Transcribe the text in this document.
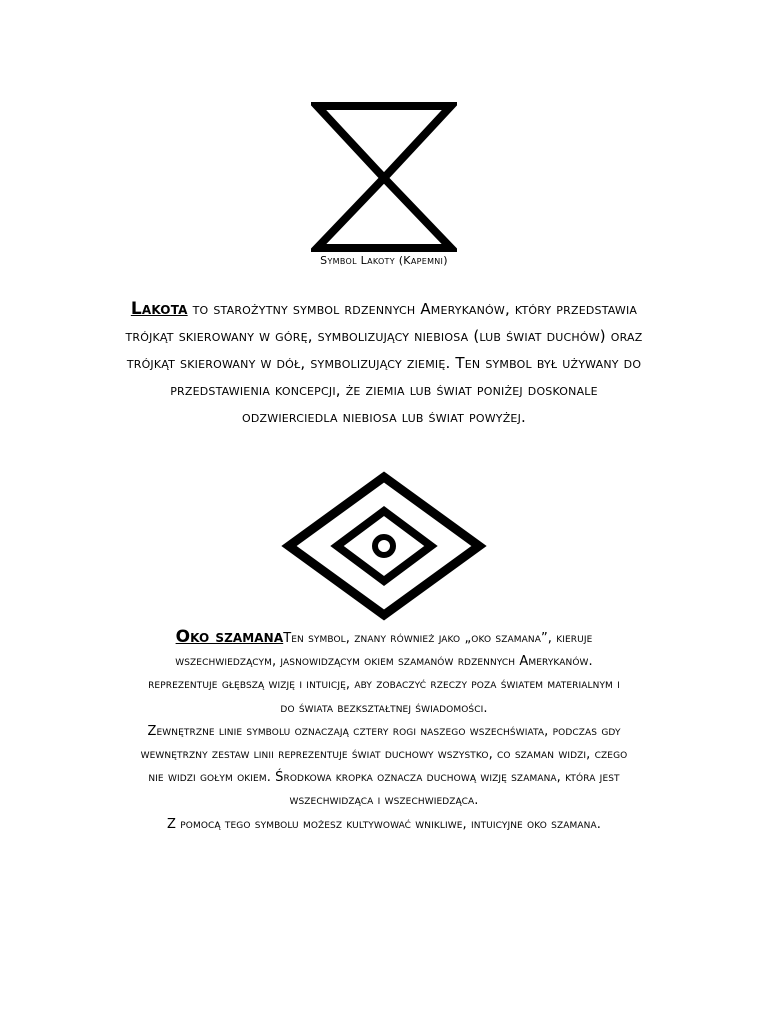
Symbol Lakoty (Kapemni)

Lakota to starożytny symbol rdzennych Amerykanów, który przedstawia
trójkąt skierowany w górę, symbolizujący niebiosa (lub świat duchów) oraz
trójkąt skierowany w dół, symbolizujący ziemię. Ten symbol był używany do
przedstawienia koncepcji, że ziemia lub świat poniżej doskonale
odzwierciedla niebiosa lub świat powyżej.

Oko szamanaTen symbol, znany również jako „oko szamana”, kieruje
wszechwiedzącym, jasnowidzącym okiem szamanów rdzennych Amerykanów.
reprezentuje głębszą wizję i intuicję, aby zobaczyć rzeczy poza światem materialnym i
do świata bezkształtnej świadomości.
Zewnętrzne linie symbolu oznaczają cztery rogi naszego wszechświata, podczas gdy
wewnętrzny zestaw linii reprezentuje świat duchowy wszystko, co szaman widzi, czego
nie widzi gołym okiem. Środkowa kropka oznacza duchową wizję szamana, która jest
wszechwidząca i wszechwiedząca.
Z pomocą tego symbolu możesz kultywować wnikliwe, intuicyjne oko szamana.
